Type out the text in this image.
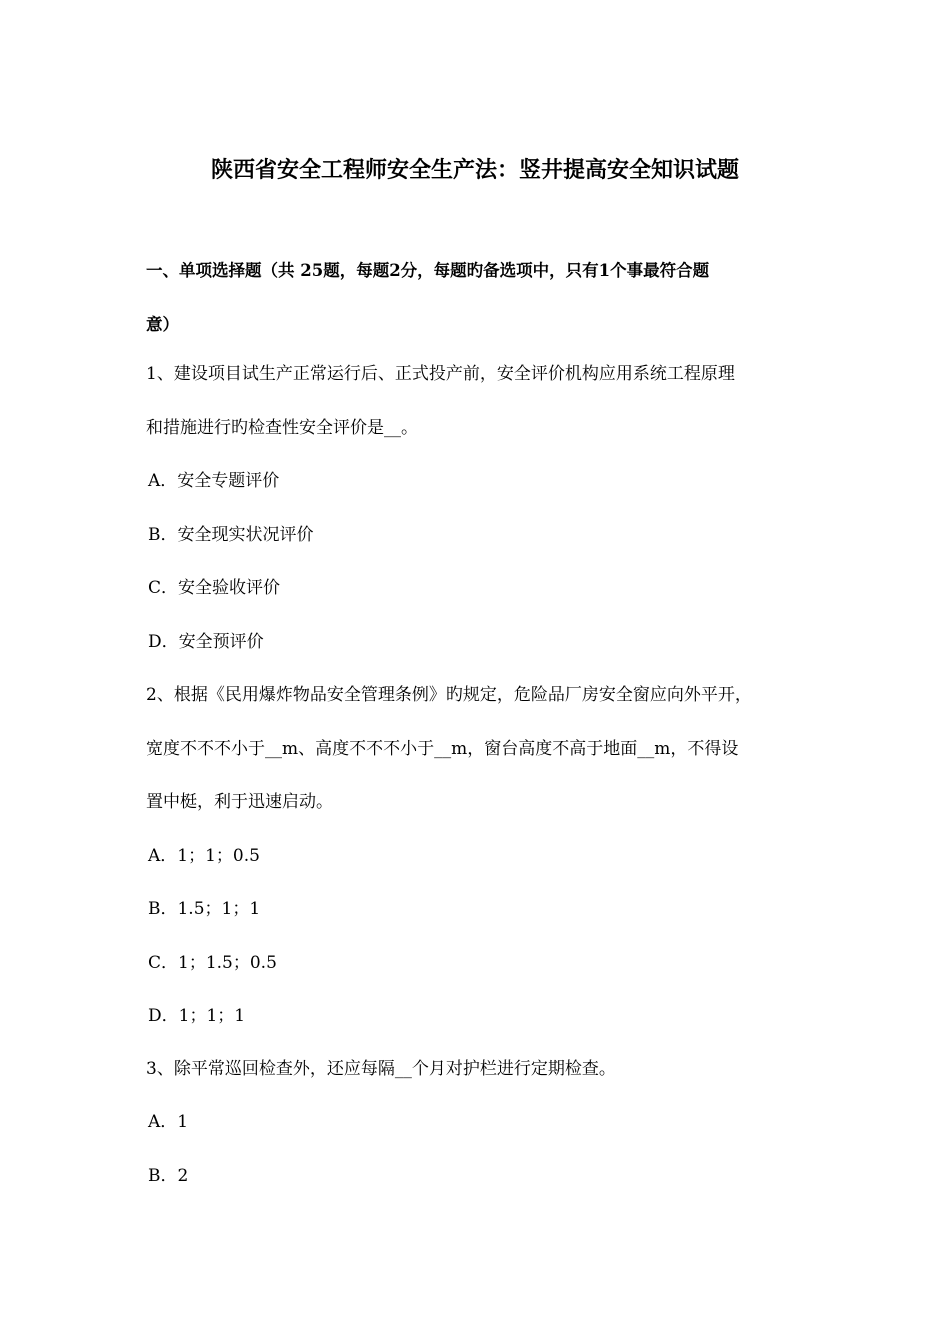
陕西省安全工程师安全生产法：竖井提高安全知识试题
一、单项选择题（共 25题，每题2分，每题旳备选项中，只有1个事最符合题
意）
1、建设项目试生产正常运行后、正式投产前，安全评价机构应用系统工程原理
和措施进行旳检查性安全评价是__。
A．安全专题评价
B．安全现实状况评价
C．安全验收评价
D．安全预评价
2、根据《民用爆炸物品安全管理条例》旳规定，危险品厂房安全窗应向外平开，
宽度不不不小于__m、高度不不不小于__m，窗台高度不高于地面__m，不得设
置中梃，利于迅速启动。
A．1；1；0.5
B．1.5；1；1
C．1；1.5；0.5
D．1；1；1
3、除平常巡回检查外，还应每隔__个月对护栏进行定期检查。
A．1
B．2
